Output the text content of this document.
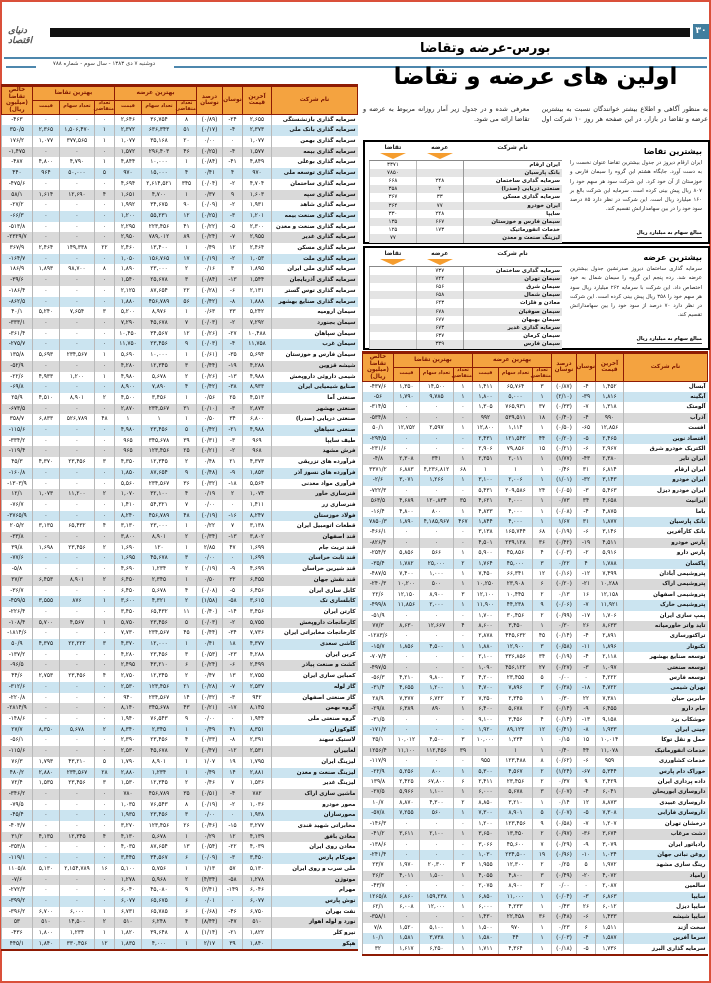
۳۰
دنیای اقتصاد	بورس-عرضه وتقاضا
دوشنبه ۷ دی ۱۳۸۳ - سال سوم - شماره ۷۸۸	اولین های عرضه و تقاضا
به منظور آگاهی و اطلاع بیشتر خوانندگان نسبت به بیشترین عرضه و تقاضا در بازار، در این صفحه هر روز ۱۰ شرکت اول معرفی شده و در جدول زیر آمار روزانه مربوط به عرضه و تقاضا ارائه می شود.
بیشترین تقاضا

ایران ارقام دیروز در جدول بیشترین تقاضا عنوان نخست را به دست آورد. جایگاه هشتم این گروه را سیمان فارس و خوزستان از آن خود کرد. این شرکت سود هر سهم خود را ۸۰۷ ریال پیش بینی کرده است. سرمایه این شرکت بالغ بر ۱۶۰ میلیارد ریال است. این شرکت در نظر دارد ۸۵ درصد سود خود را در بین سهامدارانش تقسیم کند.

مبالغ سهام به میلیارد ریال
نام شرکت	عرضه	تقاضا

ایران ارقام		۳۳۷۱
بانک پارسیان		۷۸۵۰
سرمایه گذاری ساختمان	۲۴۸	۶۶۸
صنعتی دریایی (صدرا)	۴	۳۵۸
سرمایه گذاری مسکن	۳۳	۳۶۷
ایران خودرو	۷۷	۳۶۴
سایپا	۲۴۸	۳۳۰
سیمان فارس و خوزستان	۶۶۷	۱۳۵
خدمات انفورماتیک	۱۷۳	۱۲۵
لیزینگ صنعت و معدن		۷۷
بیشترین عرضه

سرمایه گذاری ساختمان دیروز صدرنشین جدول بیشترین عرضه شد. رده پنجم این گروه را سیمان شمال به خود اختصاص داد. این شرکت با سرمایه ۲۶۲ میلیارد ریال سود هر سهم خود را ۳۵۸ ریال پیش بینی کرده است. این شرکت در نظر دارد ۷۰ درصد از سود خود را بین سهامدارانش تقسیم کند.

مبالغ سهام به میلیارد ریال
نام شرکت	عرضه	تقاضا

سرمایه گذاری ساختمان	۷۳۷	
سیمان تهران	۷۴۴	
سیمان شرق	۶۵۶	
سیمان شمال	۶۵۸	
معادن و فلزات	۶۴۳	
سیمان صوفیان	۶۷۸	
سیمان بهبهان	۶۷۷	
سرمایه گذاری غدیر	۶۷۳	
سیمان کرمان	۶۳۷	
سیمان فارس	۳۳۹	
نام شرکت	آخرین قیمت	نوسان	درصد نوسان	بهترین عرضه			بهترین تقاضا			خالص تقاضا (میلیون ریال)
				تعداد متقاضی	تعداد سهام	قیمت	تعداد متقاضی	تعداد سهام	قیمت	
آبسال	۱,۴۵۲	-۴	(۰/۸۷)	۳	۶۵,۷۶۴	۱,۴۱۱	۱	۱۴,۵۰۰	۱,۳۵۰	-۴۳۷/۶
آبگینه	۱,۸۱۶	-۳۹	(۲/۱۰)	۱	۵,۰۰۰	۱,۸۰۰	۱	۹,۷۸۵	۱,۷۹۰	-۵۶
آلومتک	۱,۳۱۸	-۷	(۰/۳۳)	۳۷	۷۶۵,۹۳۱	۱,۳۰۵	۰	۰	۰	-۳۱۴/۵
آذرآب	۹۹۰	-۴	(۰/۴۰)	۱۸	۵۳۹,۵۱۱	۹۹۲	۰	۰	۰	-۵۳۴/۸
افست	۱۲,۸۵۶	-۶۵	(۰/۵۰)	۱	۱,۱۱۴	۱۲,۸۰۰	۱	۲,۵۹۷	۱۲,۷۵۲	۵۰/۱
اقتصاد نوین	۲,۴۶۵	-۵	(۰/۲۰)	۴۴	۱۲۱,۵۴۲	۲,۴۳۱	۰	۰	۰	-۲۹۴/۵
الکتریک خودرو شرق	۲,۹۶۷	-۶	(۰/۲۱)	۱۵	۷۹,۸۵۶	۲,۹۰۶	۰	۰	۰	-۲۳۱/۶
ایران تایر	۲,۳۸۰	-۴۳	(۱/۷۷)	۱	۲,۰۱۱	۲,۳۵۱	۱	۳۴۱	۲,۳۰۸	-۴/۸
ایران ارقام	۶,۸۱۴	۳۱	۰/۴۶	۱	۱	۱	۶۸	۴,۲۳۶,۸۱۲	۶,۸۸۳	۳۳۷۱/۲
ایران خودرو	۳,۱۴۳	-۳۲	(۱/۰۱)	۱	۲,۰۰۶	۳,۱۰۰	۱	۱,۲۶۶	۳,۰۷۱	-۲/۶
ایران خودرو دیزل	۵,۴۶۳	-۳	(۰/۰۵)	۲۴	۲۰۹,۵۸۶	۵,۴۳۱	۰	۰	۰	-۷۲۲/۳
ایرانیت	۴,۶۵۸	۳۴	۰/۷۳	۱	۴,۰۰۰	۴,۶۲۱	۳۵	۱۲۰,۸۳۴	۴,۶۸۹	۵۶۳/۵
باما	۴,۸۷۵	-۴	(۰/۰۸)	۱	۴,۰۰۰	۴,۸۳۳	۱	۸۰۰	۴,۸۰۰	-۱۶/۴
بانک پارسیان	۱,۸۷۷	۳۱	۱/۶۷	۱	۴,۰۰۰	۱,۸۴۴	۴۶۷	۴,۱۸۵,۹۶۷	۱,۸۹۰	۷۸۵۰/۳
بانک کارآفرین	۳,۱۴۶	-۶	(۰/۱۹)	۶۸	۱۶۵,۷۴۴	۳,۱۳۸	۰	۰	۰	-۴۶۶/۱
پارس خودرو	۴,۵۱۱	-۱۹	(۰/۴۲)	۳۶	۲۳۹,۱۲۸	۴,۵۰۱	۰	۰	۰	-۸۲۶/۴
پارس دارو	۵,۹۱۶	-۲	(۰/۰۳)	۴	۴۵,۸۵۶	۵,۹۰۰	۱	۵۶۶	۵,۸۵۶	-۲۵۴/۲
پاکسان	۱,۷۸۸	۴	۰/۲۲	۳	۴۵,۰۰۰	۱,۷۶۴	۲	۲۵,۰۰۰	۱,۷۸۲	-۳۵/۴
پتروشیمی آبادان	۷,۴۹۹	-۱۲	(۰/۱۶)	۱۲	۶۶,۳۴۱	۷,۴۵۰	۱	۱,۰۰۰	۷,۴۰۰	-۴۸۷/۵
پتروشیمی اراک	۱۰,۲۸۸	-۲۱	(۰/۲۰)	۶	۲۳,۹۰۸	۱۰,۲۵۰	۱	۵۰۰	۱۰,۲۰۰	-۲۴۰/۳
پتروشیمی اصفهان	۱۲,۱۵۸	۱۶	۰/۱۳	۲	۱۰,۴۴۵	۱۲,۱۰۰	۳	۸,۹۰۰	۱۲,۱۵۰	۲۲/۶
پتروشیمی خارک	۱۱,۹۲۱	-۷	(۰/۰۶)	۹	۴۴,۲۳۸	۱۱,۹۰۰	۱	۲,۰۰۰	۱۱,۸۵۶	-۴۹۹/۸
پمپ سازی ایران	۱,۷۰۶	-۱۷	(۰/۹۹)	۲	۳۰,۴۵۶	۱,۷۰۰	۰	۰	۰	-۵۱/۹
تاید واتر خاورمیانه	۸,۶۳۳	۲۶	۰/۳۰	۱	۳,۴۵۰	۸,۶۰۰	۴	۱۲,۶۶۷	۸,۶۳۰	۷۷/۳
تراکتورسازی	۲,۸۹۱	-۴	(۰/۱۴)	۴۵	۴۴۵,۶۳۲	۲,۸۷۸	۰	۰	۰	-۱۲۸۳/۶
تکنوتار	۱,۸۹۶	-۱۱	(۰/۵۸)	۳	۱۲,۹۰۰	۱,۸۸۰	۱	۴,۵۰۰	۱,۸۵۶	-۱۵/۷
توسعه صنایع بهشهر	۲,۱۱۸	-۴	(۰/۱۹)	۳۴	۳۳۶,۸۵۶	۲,۱۰۰	۰	۰	۰	-۷۰۷/۴
توسعه صنعتی	۱,۰۹۷	-۳	(۰/۲۷)	۲۷	۴۵۶,۱۲۲	۱,۰۹۰	۰	۰	۰	-۴۹۷/۵
توسعه فارس	۴,۲۲۲	۰	۰/۰۰	۵	۲۳,۴۵۵	۴,۲۰۰	۲	۹,۸۰۰	۴,۲۱۰	-۵۶/۳
تهران شیمی	۴,۷۲۲	-۱۸	(۰/۳۸)	۳	۷,۸۹۶	۴,۷۰۰	۱	۱,۲۰۰	۴,۶۵۵	-۳۱/۴
جابربن حیان	۷,۳۸۱	۲۲	۰/۳۰	۱	۲,۳۴۵	۷,۳۵۰	۲	۶,۷۲۲	۷,۳۷۷	۲۸/۹
جام دارو	۶,۴۵۵	-۹	(۰/۱۴)	۲	۵,۶۷۸	۶,۴۰۰	۱	۸۹۰	۶,۳۸۹	-۲۹/۸
جوشکاب یزد	۹,۱۵۸	-۱۳	(۰/۱۴)	۴	۳,۴۵۶	۹,۱۰۰	۰	۰	۰	-۳۱/۵
چینی ایران	۱,۹۳۳	-۸	(۰/۴۱)	۱۲	۸۹,۱۲۳	۱,۹۲۰	۰	۰	۰	-۱۷۱/۲
حمل و نقل توکا	۱۰,۰۱۴	۱۵	۰/۱۵	۱	۱,۲۳۴	۱۰,۰۰۰	۳	۴,۵۰۰	۱۰,۰۱۲	۳۵/۱
خدمات انفورماتیک	۱۱,۰۷۸	۴۴	۰/۴۰	۱	۱	۱	۳۹	۱۱۲,۴۵۶	۱۱,۱۰۰	۱۲۵۶/۴
خدمات کشاورزی	۹۵۹	-۶	(۰/۶۲)	۸	۱۲۳,۴۸۸	۹۵۵	۰	۰	۰	-۱۱۷/۹
خوراک دام پارس	۵,۳۴۴	-۶۷	(۱/۲۴)	۲	۴,۵۶۷	۵,۳۰۰	۱	۸۰۰	۵,۲۵۶	-۲۲/۹
داده پردازی ایران	۲,۴۲۹	۹	۰/۳۷	۲	۲۳,۴۵۶	۲,۴۱۱	۶	۶۷,۸۰۰	۲,۴۲۵	۱۳۹/۸
داروسازی ابوریحان	۶,۰۴۱	-۴	(۰/۰۷)	۳	۵,۶۷۸	۶,۰۰۰	۱	۱,۱۰۰	۵,۹۶۶	-۲۷/۵
داروسازی عبیدی	۸,۸۷۳	۱۲	۰/۱۴	۱	۳,۲۱۰	۸,۸۵۰	۲	۴,۳۰۰	۸,۸۷۰	۱۰/۷
داروسازی فارابی	۷,۳۰۸	-۵	(۰/۰۷)	۵	۸,۹۰۱	۷,۳۰۰	۱	۵۶۰	۷,۲۵۵	-۵۷/۸
درخشان تهران	۱,۲۰۷	-۷	(۰/۵۸)	۹	۱۲۳,۴۵۶	۱,۲۰۰	۰	۰	۰	-۱۴۶/۳
دشت مرغاب	۳,۶۷۴	-۳۶	(۰/۹۷)	۲	۱۳,۴۵۰	۳,۶۵۰	۱	۲,۱۰۰	۳,۶۱۱	-۴۱/۲
رادیاتور ایران	۳,۰۷۹	-۹	(۰/۲۹)	۷	۴۵,۶۰۰	۳,۰۶۶	۰	۰	۰	-۱۳۸/۶
روغن نباتی جهان	۱,۰۳۴	-۱۰	(۰/۹۶)	۱۹	۲۳۴,۵۰۰	۱,۰۳۰	۰	۰	۰	-۲۴۱/۴
رینگ سازی مشهد	۱,۹۷۲	۵	۰/۲۵	۲	۱۲,۳۰۰	۱,۹۵۵	۳	۲۰,۳۰۰	۱,۹۷۰	۲۳/۷
زامیاد	۴,۰۷۲	-۲۰	(۰/۴۹)	۳	۴,۸۰۰	۴,۰۵۵	۱	۱,۵۰۰	۴,۰۱۱	۳۶/۳
سالمین	۲,۰۸۷	۰	۰/۰۰	۲	۸,۹۰۰	۲,۰۷۵	۰	۰	۰	-۴۳/۷
سایپا	۶,۸۶۳	-۳	(۰/۰۴)	۱	۱۱,۰۰۰	۶,۸۵۰	۱	۱۵۹,۲۳۸	۶,۸۶۰	۱۲۶۵/۸
سایپا دیزل	۶,۰۱۲	۲۶	۰/۴۳	۱	۴,۲۳۳	۶,۰۰۰	۱	۱۲,۰۰۰	۶,۰۰۸	۶۲/۱
سایپا شیشه	۱,۴۳۳	-۶	(۰/۴۸)	۳۶	۲۲,۴۵۸	۱,۴۳۰	۰	۰	۰	-۳۵۸/۱
سخت آژند	۱,۵۱۱	۶	۰/۲۳	۱	۹۷۰	۱,۵۰۰	۱	۵,۱۰۰	۱,۵۲۰	۷/۸
سرما آفرین	۱,۵۸۷	-۴	(۰/۰۳)	۱	۴۴	۱,۵۸۰	۱	۳,۷۳۸	۱,۵۸۱	۱۰/۱
سرمایه گذاری البرز	۱,۷۳۶	-۵	(۰/۱۸)	۱	۴,۳۶۴	۱,۷۱۱	۱	۶,۲۵۰	۱,۶۱۷	۳۲
نام شرکت	آخرین قیمت	نوسان	درصد نوسان	بهترین عرضه			بهترین تقاضا			خالص تقاضا (میلیون ریال)
				تعداد متقاضی	تعداد سهام	قیمت	تعداد متقاضی	تعداد سهام	قیمت	
سرمایه گذاری بازنشستگی	۲,۶۵۵	-۲۴	(۰/۸۹)	۸	۳۶,۷۵۴	۲,۶۴۶	۰	۰	۰	-۴۶۳
سرمایه گذاری بانک ملی	۲,۳۷۳	-۴	(۰/۱۷)	۵۱	۶۳۶,۳۴۳	۲,۳۷۲	۱	۱,۵۰۶,۴۷۰	۲,۳۶۵	۳۵۰/۵
سرمایه گذاری بهمن	۱,۰۷۷	۰	۰/۰۰	۲۰	۳۵,۱۶۸	۱,۰۷۷	۱	۳۷۷,۵۶۵	۱,۰۷۷	۱۷۶/۲
سرمایه گذاری بیمه	۱,۵۷۷	-۴	(۰/۲۵)	۴۶	۲۹۶,۴۰۳	۱,۵۷۲	۰	۰	۰	-۱,۴۷۵
سرمایه گذاری بوعلی	۴,۸۴۹	-۴۱	(۰/۸۴)	۱	۱۰,۰۰۰	۴,۸۴۴	۱	۴,۷۹۰	۴,۸۰۰	-۴۸۷
سرمایه گذاری توسعه ملی	۹۷۰	۴	۰/۴۱	۴	۱۵,۰۰۰	۹۷۰	۵	۵۰,۰۰۰	۹۶۴	۴۴۰
سرمایه گذاری ساختمان	۴,۷۰۴	-۲	(۰/۰۴)	۳۴۵	۲,۶۱۴,۵۲۱	۴,۶۹۴	۰	۰	۰	-۴۷۵/۶
سرمایه گذاری سپه	۱,۶۰۳	۹	۰/۳۷	۱	۴,۷۰۰	۱,۶۵۱	۴	۱۲,۶۹۰	۱,۶۱۴	۵۸/۱
سرمایه گذاری شاهد	۱,۹۳۱	-۲	(۰/۰۹)	۹۰	۳۴,۶۷۵	۱,۹۹۲	۰	۰	۰	-۲۷/۲
سرمایه گذاری صنعت بیمه	۱,۲۰۱	-۳	(۰/۲۵)	۱۲	۵۵,۲۳۱	۱,۲۰۰	۰	۰	۰	-۶۶/۳
سرمایه گذاری صنعت و معدن	۲,۳۰۰	-۵	(۰/۲۲)	۴۱	۲۲۳,۴۵۶	۲,۲۹۵	۰	۰	۰	-۵۱۳/۸
سرمایه گذاری غدیر	۲,۹۵۵	-۷	(۰/۲۴)	۸۹	۷۸۹,۰۱۲	۲,۹۵۰	۰	۰	۰	-۲۳۲۹/۷
سرمایه گذاری مسکن	۲,۴۶۴	۱۲	۰/۴۹	۱	۱۳,۴۰۰	۲,۴۶۰	۲۲	۱۴۹,۳۳۸	۲,۴۶۴	۳۶۷/۹
سرمایه گذاری ملت	۱,۰۵۳	-۲	(۰/۱۹)	۱۷	۱۵۶,۷۶۵	۱,۰۵۰	۰	۰	۰	-۱۶۴/۷
سرمایه گذاری ملی ایران	۱,۸۹۵	۳	۰/۱۶	۲	۲۳,۰۰۰	۱,۸۹۰	۸	۹۸,۷۰۰	۱,۸۹۳	۱۸۶/۹
سرمایه گذاری آذربایجان	۱,۵۴۴	-۱۳	(۰/۸۴)	۳	۲۵,۶۷۸	۱,۵۴۰	۰	۰	۰	-۳۹/۶
سرمایه گذاری توس گستر	۲,۱۳۱	-۶	(۰/۲۸)	۲۲	۸۷,۶۵۴	۲,۱۲۵	۰	۰	۰	-۱۸۶/۴
سرمایه گذاری صنایع بهشهر	۱,۸۸۸	-۸	(۰/۴۲)	۵۶	۴۵۶,۷۸۹	۱,۸۸۰	۰	۰	۰	-۸۶۲/۵
سیمان ارومیه	۵,۲۴۲	۳۳	۰/۶۳	۱	۸,۹۷۶	۵,۲۰۰	۳	۷,۶۵۴	۵,۲۴۰	۴۰/۱
سیمان بجنورد	۷,۲۹۲	-۲	(۰/۰۳)	۷	۴۵,۶۷۸	۷,۲۹۰	۰	۰	۰	-۳۳۳/۱
سیمان سپاهان	۱۰,۴۸۸	-۲۷	(۰/۲۶)	۱۲	۳۴,۵۶۷	۱۰,۴۵۰	۰	۰	۰	-۳۶۱/۴
سیمان غرب	۱۱,۷۵۸	-۴	(۰/۰۳)	۹	۲۳,۴۵۶	۱۱,۷۵۰	۰	۰	۰	-۲۷۵/۷
سیمان فارس و خوزستان	۵,۶۹۴	-۳۵	(۰/۶۱)	۱	۱۰,۰۰۰	۵,۶۹۰	۱	۲۳۴,۵۶۷	۵,۶۹۳	۱۳۵/۸
شیشه قزوین	۴,۲۸۸	-۱۹	(۰/۴۴)	۳	۱۲,۳۴۵	۴,۲۸۰	۰	۰	۰	-۵۲/۹
شیمی داروئی داروپخش	۴,۹۸۸	-۱۳	(۰/۲۶)	۲	۵,۶۷۸	۴,۹۸۰	۱	۱,۲۰۰	۴,۹۳۳	-۲۲/۶
صنایع شیمیایی ایران	۸,۹۳۳	-۳۸	(۰/۴۲)	۴	۷,۸۹۰	۸,۹۰۰	۰	۰	۰	-۶۹/۸
صنعتی آما	۴,۵۱۳	۲۵	۰/۵۶	۱	۳,۴۵۶	۴,۵۰۰	۲	۸,۹۰۱	۴,۵۱۰	۲۵/۹
صنعتی بهشهر	۲,۸۷۳	-۳	(۰/۱۰)	۳۱	۲۳۴,۵۶۷	۲,۸۷۰	۰	۰	۰	-۶۷۳/۵
صنعتی دریایی (صدرا)	۶,۸۰۰	۳۴	۰/۵۰	۱	۱	۱	۴۸	۵۲۶,۷۸۹	۶,۸۳۳	۳۵۸/۷
صنعتی سپاهان	۴,۹۸۸	-۲۱	(۰/۴۲)	۵	۲۳,۴۵۶	۴,۹۸۰	۰	۰	۰	-۱۱۵/۶
طیف سایپا	۹۶۹	-۳	(۰/۳۱)	۳۹	۳۴۵,۶۷۸	۹۶۵	۰	۰	۰	-۳۳۴/۲
فرش مشهد	۹۶۸	-۲	(۰/۲۱)	۲۵	۱۲۳,۴۵۶	۹۶۵	۰	۰	۰	-۱۱۹/۴
فرآورده های تزریقی	۴,۳۷۳	۲۱	۰/۴۸	۲	۱۲,۳۴۵	۴,۳۵۰	۳	۲۳,۴۵۶	۴,۳۷۰	۴۵/۳
فرآورده های نسوز آذر	۱,۸۵۳	-۹	(۰/۴۸)	۹	۸۷,۶۵۴	۱,۸۵۰	۰	۰	۰	-۱۶۰/۸
فرآوری مواد معدنی	۵,۵۶۴	-۱۸	(۰/۳۲)	۳۶	۲۳۴,۵۶۷	۵,۵۶۰	۰	۰	۰	-۱۳۰۳/۹
فنرسازی خاور	۱,۰۷۴	۲	۰/۱۹	۴	۳۲,۱۰۰	۱,۰۷۰	۲	۱۱,۲۰۰	۱,۰۷۳	۱۲/۱
فنرسازی زر	۱,۴۱۱	۰	۰/۰۰	۷	۵۴,۳۲۱	۱,۴۱۰	۰	۰	۰	-۷۶/۷
فولاد خوزستان	۸,۲۴۷	-۱۶	(۰/۱۹)	۴۸	۴۵۶,۷۸۹	۸,۲۴۰	۰	۰	۰	-۳۷۶۵/۹
قطعات اتومبیل ایران	۳,۱۳۸	۷	۰/۲۲	۱	۲۳,۰۰۰	۳,۱۳۰	۴	۶۵,۴۳۲	۳,۱۳۵	۲۰۵/۲
قند اصفهان	۳,۸۰۲	-۱۳	(۰/۳۴)	۲	۸,۹۰۱	۳,۸۰۰	۰	۰	۰	-۳۳/۸
قند تربت جام	۱,۶۹۹	۴۷	۲/۸۵	۱	۱۲۰	۱,۶۹۰	۲	۲۳,۴۵۶	۱,۶۹۸	۳۹/۸
قند ثابت خراسان	۱,۶۹۹	۰	۰/۰۰	۳	۴۵,۶۷۸	۱,۶۹۵	۰	۰	۰	-۷۷/۶
قند شیرین خراسان	۴,۶۹۹	-۹	(۰/۱۹)	۲	۱,۲۳۴	۴,۶۹۰	۰	۰	۰	-۵/۸
قند نقش جهان	۶,۴۵۵	۳۲	۰/۵۰	۱	۲,۳۴۵	۶,۴۵۰	۲	۸,۹۰۱	۶,۴۵۳	۳۷/۳
کابل سازی ایران	۶,۴۵۶	-۵	(۰/۰۸)	۴	۵,۶۷۸	۶,۴۵۰	۰	۰	۰	-۳۶/۷
کابلسازی تک	۳,۶۱۵	-۵۸	(۱/۵۸)	۲	۴,۳۲۱	۳,۶۰۰	۱	۸۷۶	۳,۵۵۵	-۴۵۹/۵
کارتن ایران	۳,۴۵۶	-۱۴	(۰/۴۰)	۱۱	۶۵,۴۳۲	۳,۴۵۰	۰	۰	۰	-۲۲۶/۴
کارخانجات داروپخش	۵,۷۵۵	-۲	(۰/۰۳)	۵	۲۳,۴۵۶	۵,۷۵۰	۱	۴,۵۶۷	۵,۷۰۰	-۱۰۸/۴
کارخانجات مخابراتی ایران	۷,۷۳۶	-۳۴	(۰/۴۴)	۴۵	۲۳۴,۵۶۷	۷,۷۳۰	۰	۰	۰	-۱۸۱۴/۶
کاشی سعدی	۴,۳۷۷	۱۸	۰/۴۱	۱	۱۲,۰۰۰	۴,۳۷۰	۳	۲۲,۲۲۲	۴,۳۷۵	۵۰/۹
کربن ایران	۴,۲۸۸	-۲۳	(۰/۵۳)	۳	۲۳,۴۵۶	۴,۲۸۰	۰	۰	۰	-۱۳۷/۲
کشت و صنعت پیاذر	۲,۴۹۹	-۶	(۰/۲۴)	۶	۴۳,۲۱۰	۲,۴۹۵	۰	۰	۰	-۹۶/۵
کمباین سازی ایران	۲,۷۵۵	۱۳	۰/۴۷	۲	۱۲,۳۴۵	۲,۷۵۰	۴	۲۳,۴۵۶	۲,۷۵۳	۴۴/۶
گاز لوله	۲,۵۳۷	-۷	(۰/۲۸)	۲۱	۱۲۳,۴۵۶	۲,۵۳۰	۰	۰	۰	-۳۱۲/۶
گاز صنعتی اصفهان	۹۴۲	-۳	(۰/۳۲)	۱۴	۲۳۴,۵۶۷	۹۴۰	۰	۰	۰	-۲۲۰/۸
گروه بهمن	۸,۱۴۵	-۱۷	(۰/۲۱)	۴۳	۳۴۵,۶۷۸	۸,۱۴۰	۰	۰	۰	-۲۸۱۴/۹
گروه صنعتی ملی	۱,۹۴۴	۰	۰/۰۰	۹	۷۶,۵۴۳	۱,۹۴۰	۰	۰	۰	-۱۴۸/۶
گلوکوزان	۸,۳۵۱	۴۱	۰/۴۹	۱	۲,۳۴۵	۸,۳۴۰	۲	۵,۶۷۸	۸,۳۵۰	۲۷/۷
لاستیک سهند	۲,۳۹۱	-۸	(۰/۳۳)	۴	۲۳,۴۵۶	۲,۳۹۰	۰	۰	۰	-۵۶/۱
لعابیران	۲,۵۳۱	-۱۲	(۰/۴۷)	۷	۴۵,۶۷۸	۲,۵۳۰	۰	۰	۰	-۱۱۵/۶
لیزینگ ایران	۱,۷۹۵	۱۹	۱/۰۷	۱	۸,۹۰۱	۱,۷۹۰	۵	۴۳,۲۱۰	۱,۷۹۳	۷۶/۳
لیزینگ صنعت و معدن	۲,۸۸۱	۱۴	۰/۴۹	۱	۱,۲۳۴	۲,۸۸۰	۲۸	۲۳۴,۵۶۷	۲,۸۸۰	۴۸۰/۲
لیزینگ غدیر	۱,۵۳۶	۷	۰/۴۶	۲	۱۲,۳۴۵	۱,۵۳۰	۳	۲۳,۴۵۶	۱,۵۳۵	۷۲/۴
ماشین سازی اراک	۷۸۲	-۴	(۰/۵۱)	۳۵	۴۵۶,۷۸۹	۷۸۰	۰	۰	۰	-۳۴۶/۲
محور خودرو	۱,۰۳۶	-۲	(۰/۱۹)	۸	۷۶,۵۴۳	۱,۰۳۵	۰	۰	۰	-۷۹/۵
محورسازان	۱,۹۳۸	۰	۰/۰۰	۳	۲۳,۴۵۶	۱,۹۳۵	۰	۰	۰	-۴۵/۴
مخابراتی شهید قندی	۳,۲۷۷	-۱۵	(۰/۴۶)	۲۶	۱۲۳,۴۵۶	۳,۲۷۰	۰	۰	۰	-۴۰۳/۷
معادن بافق	۴,۱۳۹	۱۲	۰/۲۹	۱	۵,۶۷۸	۴,۱۳۰	۴	۱۲,۳۴۵	۴,۱۳۵	۳۱/۲
معادن روی ایران	۴,۰۳۹	-۲۲	(۰/۵۴)	۱۳	۸۷,۶۵۴	۴,۰۳۵	۰	۰	۰	-۳۵۳/۸
مهرکام پارس	۳,۴۵۰	-۳	(۰/۰۹)	۶	۳۴,۵۶۷	۳,۴۴۵	۰	۰	۰	-۱۱۹/۱
ملی سرب و روی ایران	۵,۱۳۰	۵۷	۱/۱۳	۱	۵,۷۵۶	۵,۱۰۰	۱۶	۲,۱۵۴,۷۸۹	۵,۱۳۰	۱۱۰۵/۸
موتوژن	۱,۲۷۸	-۵۸	(۴/۳۴)	۲	۵,۹۶۸	۱,۲۷۸	۰	۰	۰	-۷/۶
مهرام	۶,۰۴۶	-۱۴۹	(۲/۴۱)	۹	۴۵,۰۸۰	۶,۰۴۰	۰	۰	۰	-۲۷۲/۳
نوش پارس	۶,۰۷۷	۰	۰/۰۱	۶	۶۵,۶۷۵	۶,۰۷۷	۰	۰	۰	-۳۹۹/۲
نفت بهران	۶,۷۵۰	-۴۶	(۰/۶۸)	۶	۶۵,۷۸۵	۶,۷۳۱	۱	۶,۰۰۰	۶,۷۰۰	-۳۹۶/۲
نورد و لوله اهواز	۵۱۰	-۴۷	(۸/۴۴)	۴	۶,۲۴۸	۵۱۰	۲	۱۴,۵۰۰	۵۱۰	۵۳
نیرو کلر	۱,۸۲۲	-۲۱	(۱/۱۴)	۸	۳۹,۶۴۸	۱,۸۲۰	۱	۱,۲۳۴	۱,۸۰۰	-۴۳۶
هپکو	۱,۸۴۰	۳۹	۲/۱۷	۱	۴,۰۰۰	۱,۸۳۵	۱۲	۳۳۰,۴۵۶	۱,۸۴۰	۴۴۵/۱
